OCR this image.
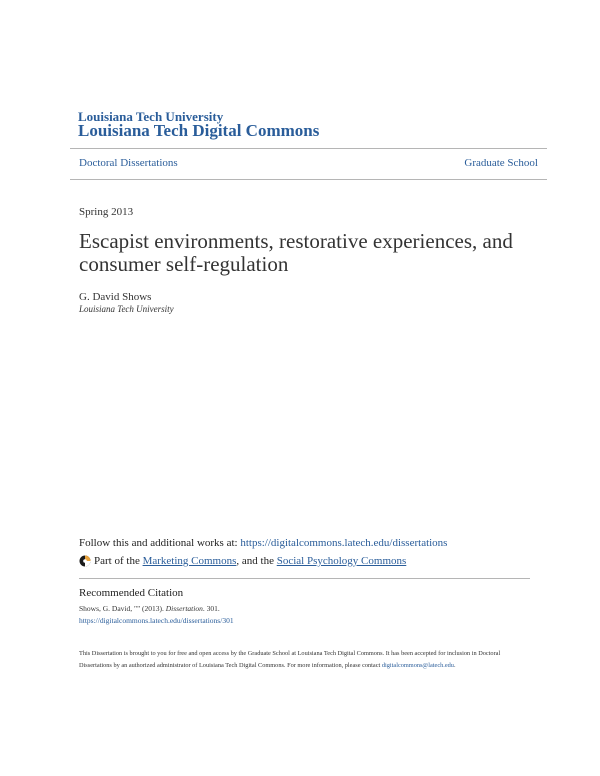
Louisiana Tech University
Louisiana Tech Digital Commons
Doctoral Dissertations	Graduate School
Spring 2013
Escapist environments, restorative experiences, and consumer self-regulation
G. David Shows
Louisiana Tech University
Follow this and additional works at: https://digitalcommons.latech.edu/dissertations
Part of the Marketing Commons, and the Social Psychology Commons
Recommended Citation
Shows, G. David, "" (2013). Dissertation. 301.
https://digitalcommons.latech.edu/dissertations/301
This Dissertation is brought to you for free and open access by the Graduate School at Louisiana Tech Digital Commons. It has been accepted for inclusion in Doctoral Dissertations by an authorized administrator of Louisiana Tech Digital Commons. For more information, please contact digitalcommons@latech.edu.
